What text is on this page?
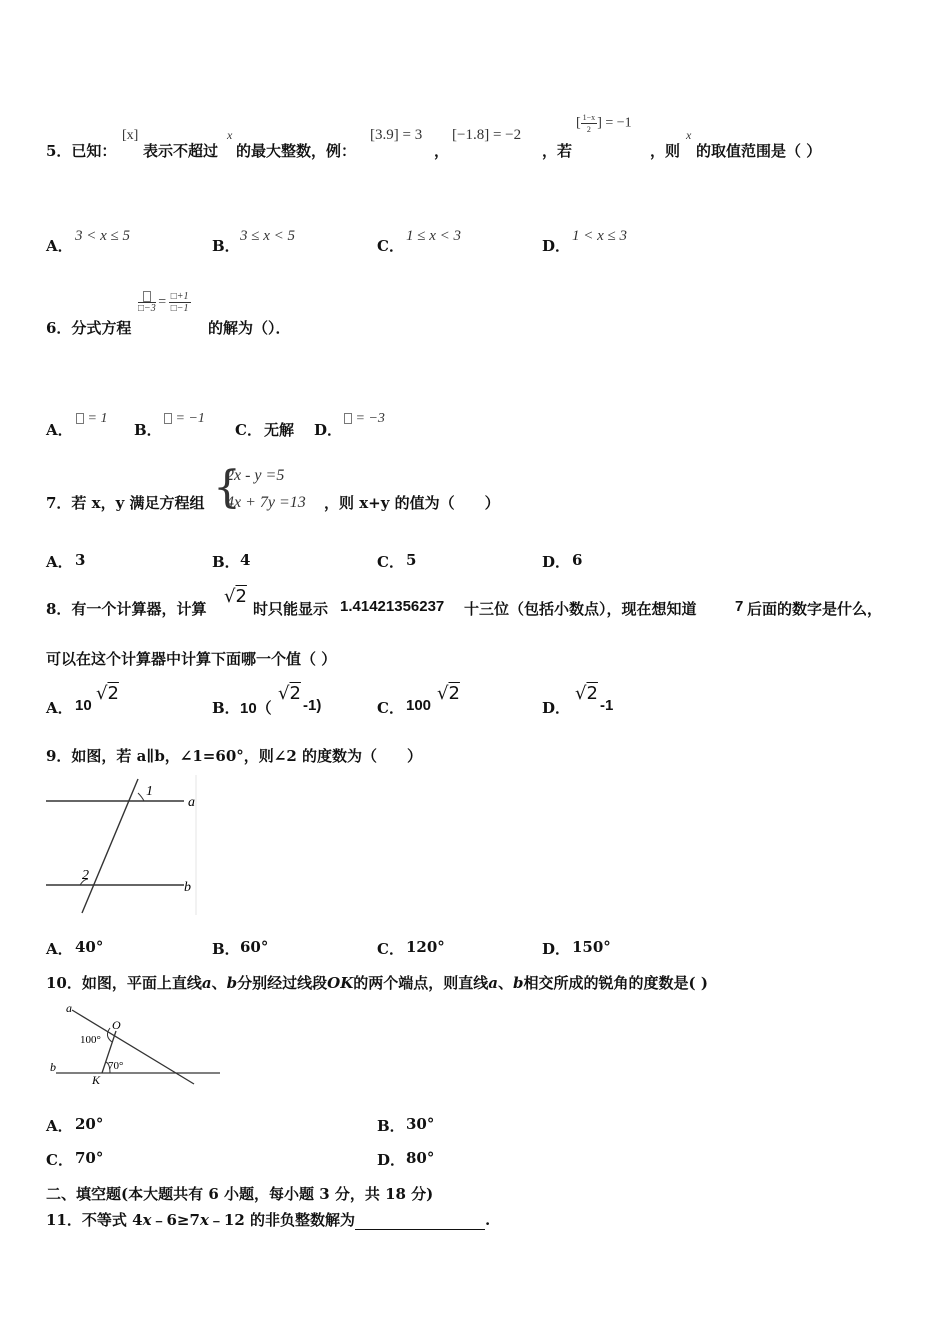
5．已知：
[x]
表示不超过
x
的最大整数，例：
[3.9] = 3
，
[−1.8] = −2
，若
[ $\frac{1-x}{2}$ ] = −1
，则
x
的取值范围是（ ）
A．
3 < x ≤ 5
B．
3 ≤ x < 5
C．
1 ≤ x < 3
D．
1 < x ≤ 3
6．分式方程
□−3 = $\frac{□+1}{□-1}$
的解为（）．
A．
= 1
B．
= −1
C． 无解 D．
= −3
7．若 x，y 满足方程组 {
2x - y =5
4x + 7y =13 ，则 x+y 的值为（　　）
A． 3	B． 4	C． 5	D． 6
8．有一个计算器，计算
√2
时只能显示 1.41421356237 十三位（包括小数点），现在想知道	7 后面的数字是什么，
可以在这个计算器中计算下面哪一个值（ ）
A． 10
√2
B． 10（
√2
-1)	C． 100
√2
D．
√2
-1
9．如图，若 a∥b，∠1=60°，则∠2 的度数为（　　）
1
2
a
b
A． 40°	B． 60°	C． 120°	D． 150°
10．如图，平面上直线a、b分别经过线段OK的两个端点，则直线a、b相交所成的锐角的度数是( )
a
b
O
K
100°
70°
A． 20°	B． 30°
C． 70°	D． 80°
二、填空题(本大题共有 6 小题，每小题 3 分，共 18 分)
11．不等式 4x﹣6≥7x﹣12 的非负整数解为	.
